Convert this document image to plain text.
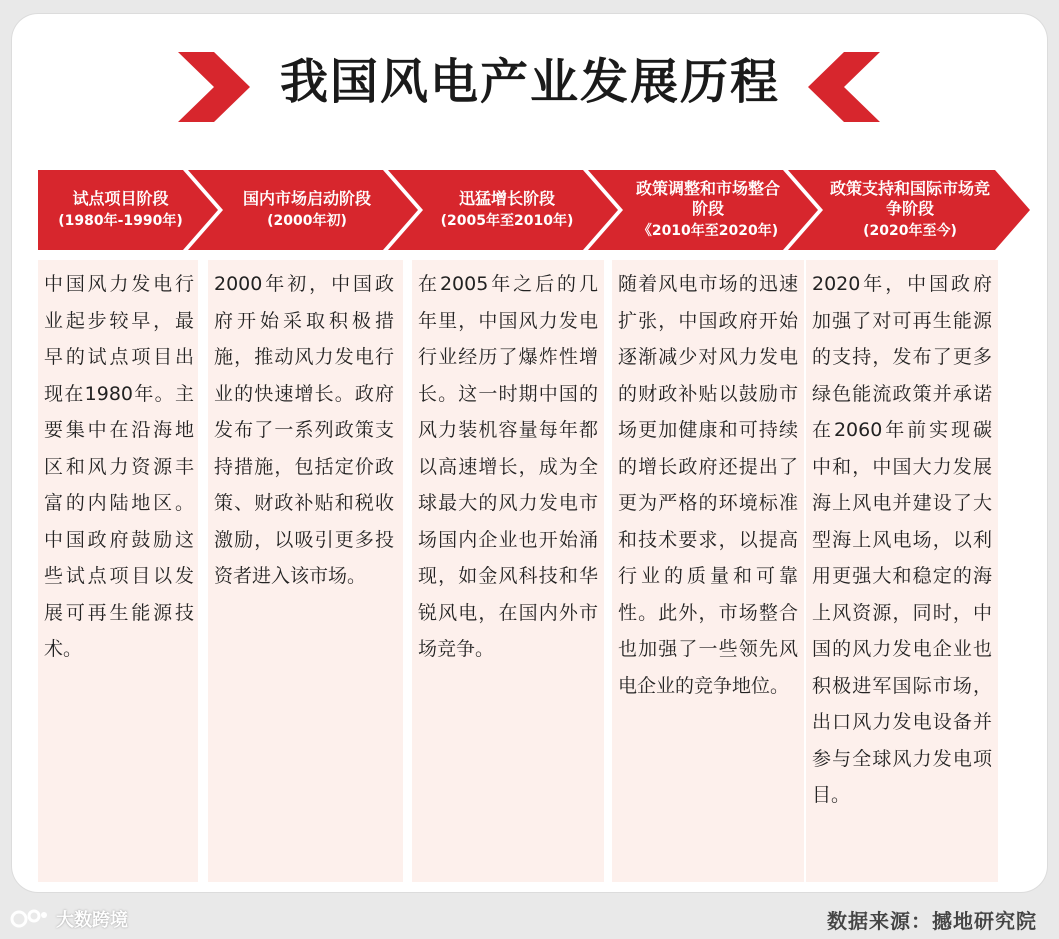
我国风电产业发展历程
试点项目阶段
(1980年-1990年)
国内市场启动阶段
(2000年初)
迅猛增长阶段
(2005年至2010年)
政策调整和市场整合阶段
《2010年至2020年)
政策支持和国际市场竞争阶段
(2020年至今)
中国风力发电行业起步较早，最早的试点项目出现在1980年。主要集中在沿海地区和风力资源丰富的内陆地区。中国政府鼓励这些试点项目以发展可再生能源技术。
2000年初，中国政府开始采取积极措施，推动风力发电行业的快速增长。政府发布了一系列政策支持措施，包括定价政策、财政补贴和税收激励，以吸引更多投资者进入该市场。
在2005年之后的几年里，中国风力发电行业经历了爆炸性增长。这一时期中国的风力装机容量每年都以高速增长，成为全球最大的风力发电市场国内企业也开始涌现，如金风科技和华锐风电，在国内外市场竞争。
随着风电市场的迅速扩张，中国政府开始逐渐减少对风力发电的财政补贴以鼓励市场更加健康和可持续的增长政府还提出了更为严格的环境标准和技术要求，以提高行业的质量和可靠性。此外，市场整合也加强了一些领先风电企业的竞争地位。
2020年，中国政府加强了对可再生能源的支持，发布了更多绿色能流政策并承诺在2060年前实现碳中和，中国大力发展海上风电并建设了大型海上风电场，以利用更强大和稳定的海上风资源，同时，中国的风力发电企业也积极进军国际市场，出口风力发电设备并参与全球风力发电项目。
大数跨境	数据来源：撼地研究院
